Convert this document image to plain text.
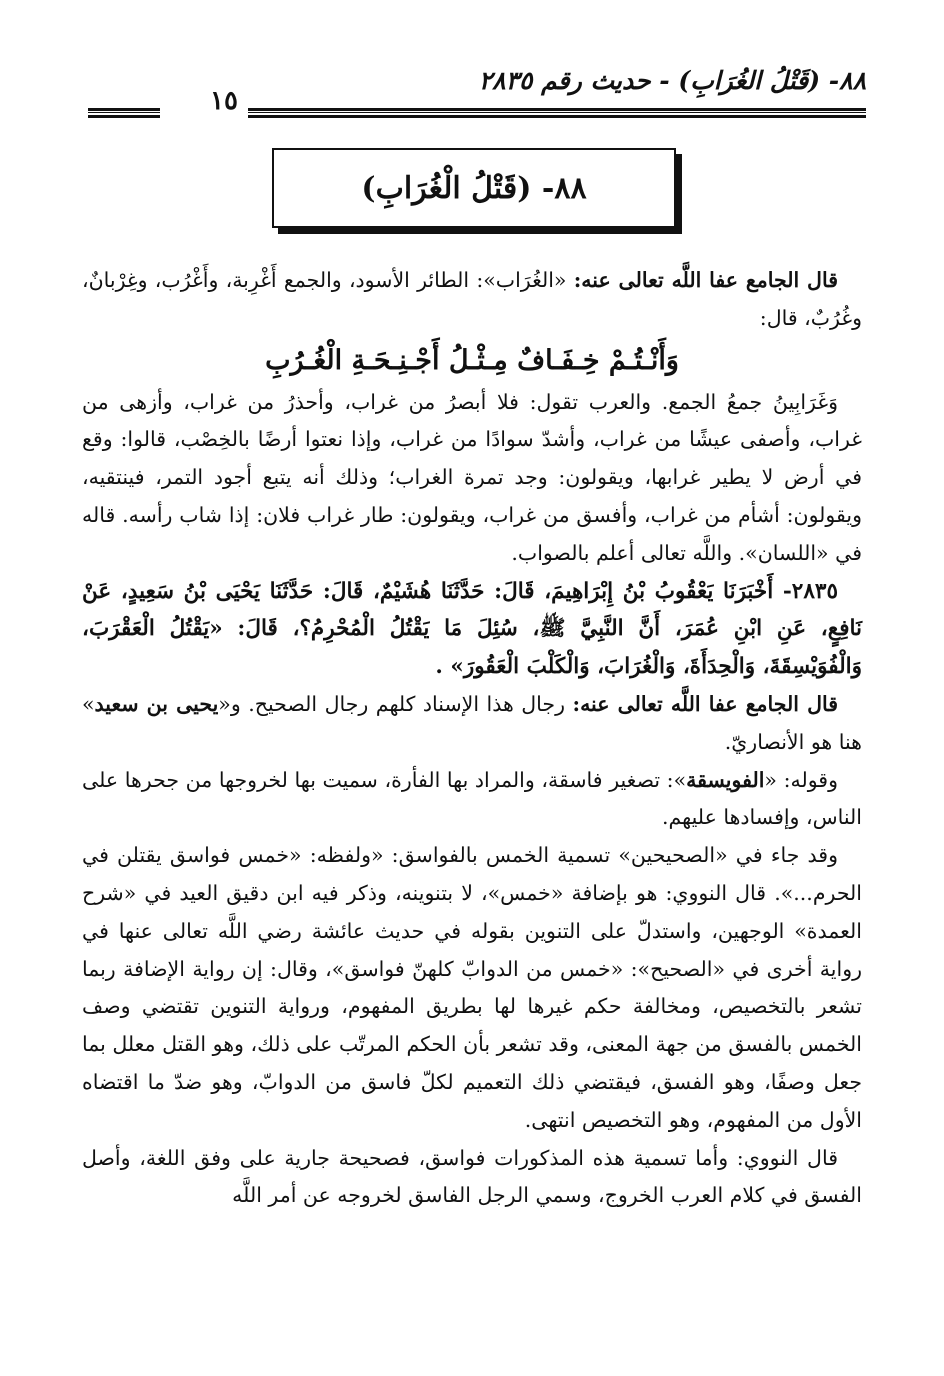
٨٨- (قَتْلُ الغُرَابِ) - حديث رقم ٢٨٣٥
١٥
٨٨- (قَتْلُ الْغُرَابِ)

قال الجامع عفا اللَّه تعالى عنه: «الغُرَاب»: الطائر الأسود، والجمع أَغْرِبة، وأَغْرُب، وغِرْبانٌ، وغُرُبٌ، قال:

وَأَنْـتُـمْ خِـفَـافٌ مِـثْـلُ أَجْـنِـحَـةِ الْغُـرُبِ

وَغَرَابِينُ جمعُ الجمع. والعرب تقول: فلا أبصرُ من غراب، وأحذرُ من غراب، وأزهى من غراب، وأصفى عيشًا من غراب، وأشدّ سوادًا من غراب، وإذا نعتوا أرضًا بالخِصْب، قالوا: وقع في أرض لا يطير غرابها، ويقولون: وجد تمرة الغراب؛ وذلك أنه يتبع أجود التمر، فينتقيه، ويقولون: أشأم من غراب، وأفسق من غراب، ويقولون: طار غراب فلان: إذا شاب رأسه. قاله في «اللسان». واللَّه تعالى أعلم بالصواب.

٢٨٣٥- أَخْبَرَنَا يَعْقُوبُ بْنُ إِبْرَاهِيمَ، قَالَ: حَدَّثَنَا هُشَيْمٌ، قَالَ: حَدَّثَنَا يَحْيَى بْنُ سَعِيدٍ، عَنْ نَافِعٍ، عَنِ ابْنِ عُمَرَ، أَنَّ النَّبِيَّ ﷺ، سُئِلَ مَا يَقْتُلُ الْمُحْرِمُ؟، قَالَ: «يَقْتُلُ الْعَقْرَبَ، وَالْفُوَيْسِقَةَ، وَالْحِدَأَةَ، وَالْغُرَابَ، وَالْكَلْبَ الْعَقُورَ» .

قال الجامع عفا اللَّه تعالى عنه: رجال هذا الإسناد كلهم رجال الصحيح. و«يحيى بن سعيد» هنا هو الأنصاريّ.

وقوله: «الفويسقة»: تصغير فاسقة، والمراد بها الفأرة، سميت بها لخروجها من جحرها على الناس، وإفسادها عليهم.

وقد جاء في «الصحيحين» تسمية الخمس بالفواسق: «ولفظه: «خمس فواسق يقتلن في الحرم...». قال النووي: هو بإضافة «خمس»، لا بتنوينه، وذكر فيه ابن دقيق العيد في «شرح العمدة» الوجهين، واستدلّ على التنوين بقوله في حديث عائشة رضي اللَّه تعالى عنها في رواية أخرى في «الصحيح»: «خمس من الدوابّ كلهنّ فواسق»، وقال: إن رواية الإضافة ربما تشعر بالتخصيص، ومخالفة حكم غيرها لها بطريق المفهوم، ورواية التنوين تقتضي وصف الخمس بالفسق من جهة المعنى، وقد تشعر بأن الحكم المرتّب على ذلك، وهو القتل معلل بما جعل وصفًا، وهو الفسق، فيقتضي ذلك التعميم لكلّ فاسق من الدوابّ، وهو ضدّ ما اقتضاه الأول من المفهوم، وهو التخصيص انتهى.

قال النووي: وأما تسمية هذه المذكورات فواسق، فصحيحة جارية على وفق اللغة، وأصل الفسق في كلام العرب الخروج، وسمي الرجل الفاسق لخروجه عن أمر اللَّه
